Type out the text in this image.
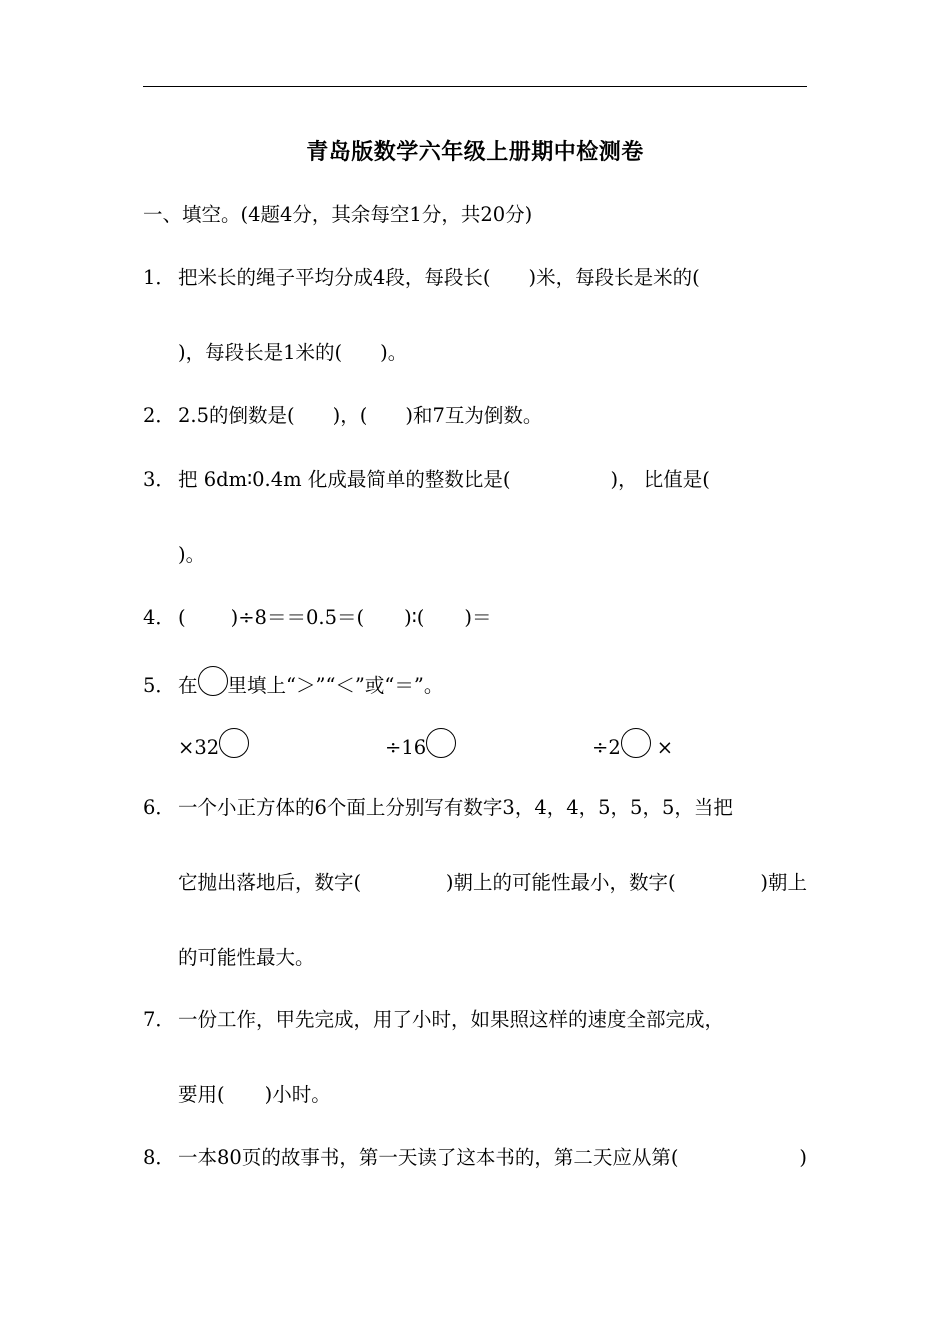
青岛版数学六年级上册期中检测卷
一、填空。(4题4分，其余每空1分，共20分)
1． 把米长的绳子平均分成4段，每段长( )米，每段长是米的(
)，每段长是1米的( )。
2． 2.5的倒数是( )，( )和7互为倒数。
3． 把 6dm∶0.4m 化成最简单的整数比是(	)， 比值是(
)。
4． ( )÷8＝＝0.5＝( )∶( )＝
5． 在 里填上“＞”“＜”或“＝”。
×32	÷16	÷2 ×
6． 一个小正方体的6个面上分别写有数字3，4，4，5，5，5，当把
它抛出落地后，数字(	)朝上的可能性最小，数字(	)朝上
的可能性最大。
7． 一份工作，甲先完成，用了小时，如果照这样的速度全部完成，
要用( )小时。
8． 一本80页的故事书，第一天读了这本书的，第二天应从第(	)
